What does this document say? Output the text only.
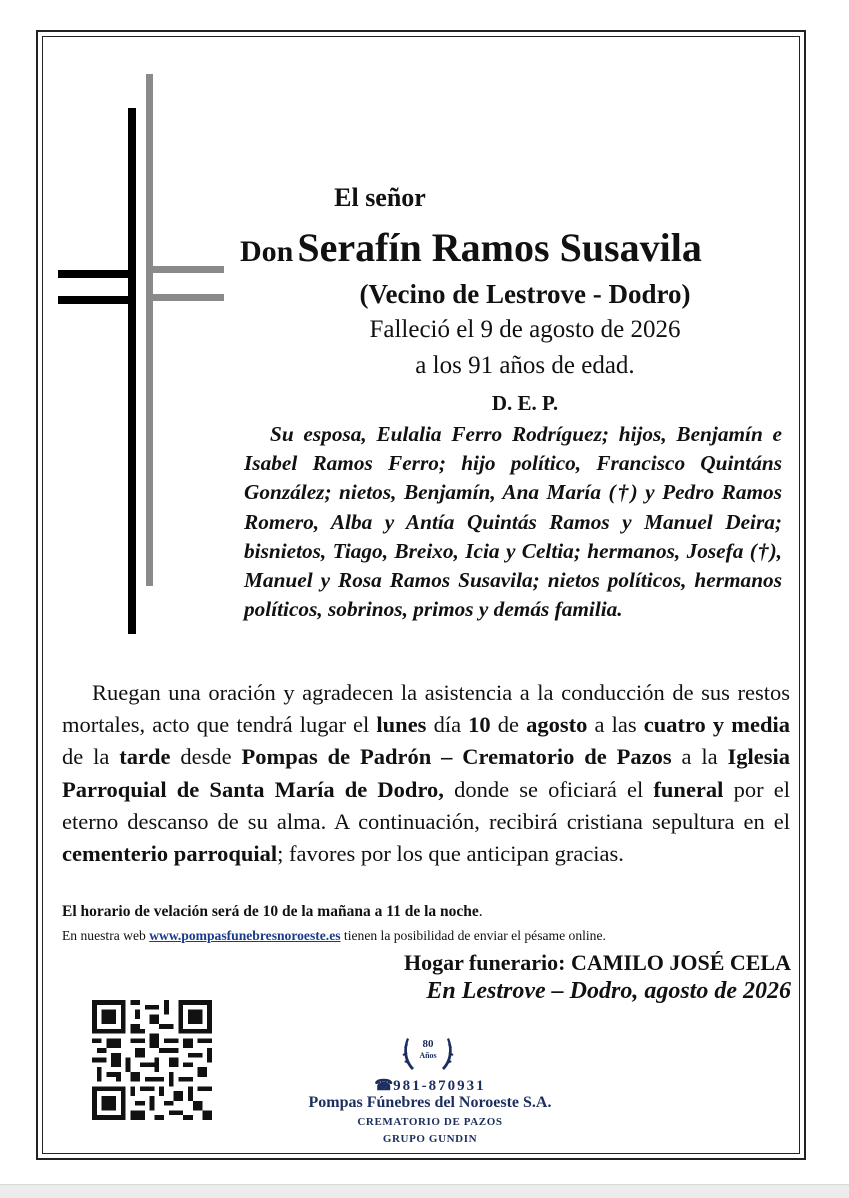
El señor
Don Serafín Ramos Susavila
(Vecino de Lestrove - Dodro)
Falleció el 9 de agosto de 2026
a los 91 años de edad.
D. E. P.
Su esposa, Eulalia Ferro Rodríguez; hijos, Benjamín e Isabel Ramos Ferro; hijo político, Francisco Quintáns González; nietos, Benjamín, Ana María (†) y Pedro Ramos Romero, Alba y Antía Quintás Ramos y Manuel Deira; bisnietos, Tiago, Breixo, Icia y Celtia; hermanos, Josefa (†), Manuel y Rosa Ramos Susavila; nietos políticos, hermanos políticos, sobrinos, primos y demás familia.
Ruegan una oración y agradecen la asistencia a la conducción de sus restos mortales, acto que tendrá lugar el lunes día 10 de agosto a las cuatro y media de la tarde desde Pompas de Padrón – Crematorio de Pazos a la Iglesia Parroquial de Santa María de Dodro, donde se oficiará el funeral por el eterno descanso de su alma. A continuación, recibirá cristiana sepultura en el cementerio parroquial; favores por los que anticipan gracias.
El horario de velación será de 10 de la mañana a 11 de la noche.
En nuestra web www.pompasfunebresnoroeste.es tienen la posibilidad de enviar el pésame online.
Hogar funerario: CAMILO JOSÉ CELA
En Lestrove – Dodro, agosto de 2026
80
Años
☎981-870931
Pompas Fúnebres del Noroeste S.A.
CREMATORIO DE PAZOS
GRUPO GUNDIN
